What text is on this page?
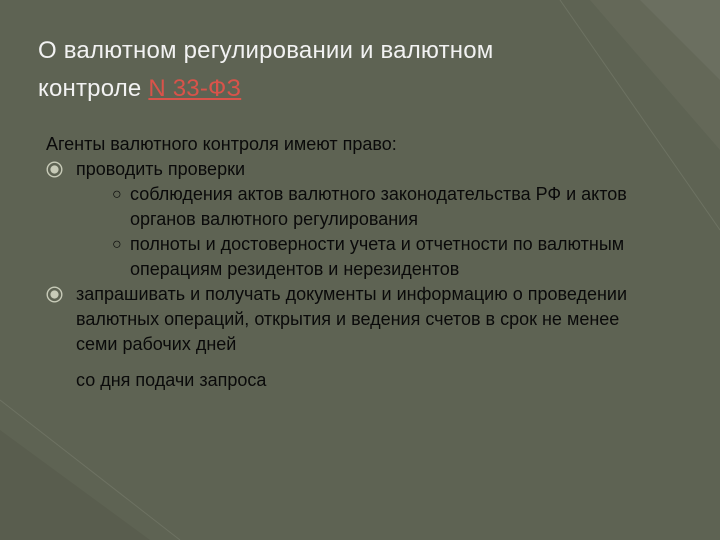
О валютном регулировании и валютном
контроле N 33-ФЗ
Агенты валютного контроля имеют право:
проводить проверки
○ соблюдения актов валютного законодательства РФ и актов органов валютного регулирования
○ полноты и достоверности учета и отчетности по валютным операциям резидентов и нерезидентов
запрашивать и получать документы и информацию о проведении валютных операций, открытия и ведения счетов в срок не менее семи рабочих дней
со дня подачи запроса
